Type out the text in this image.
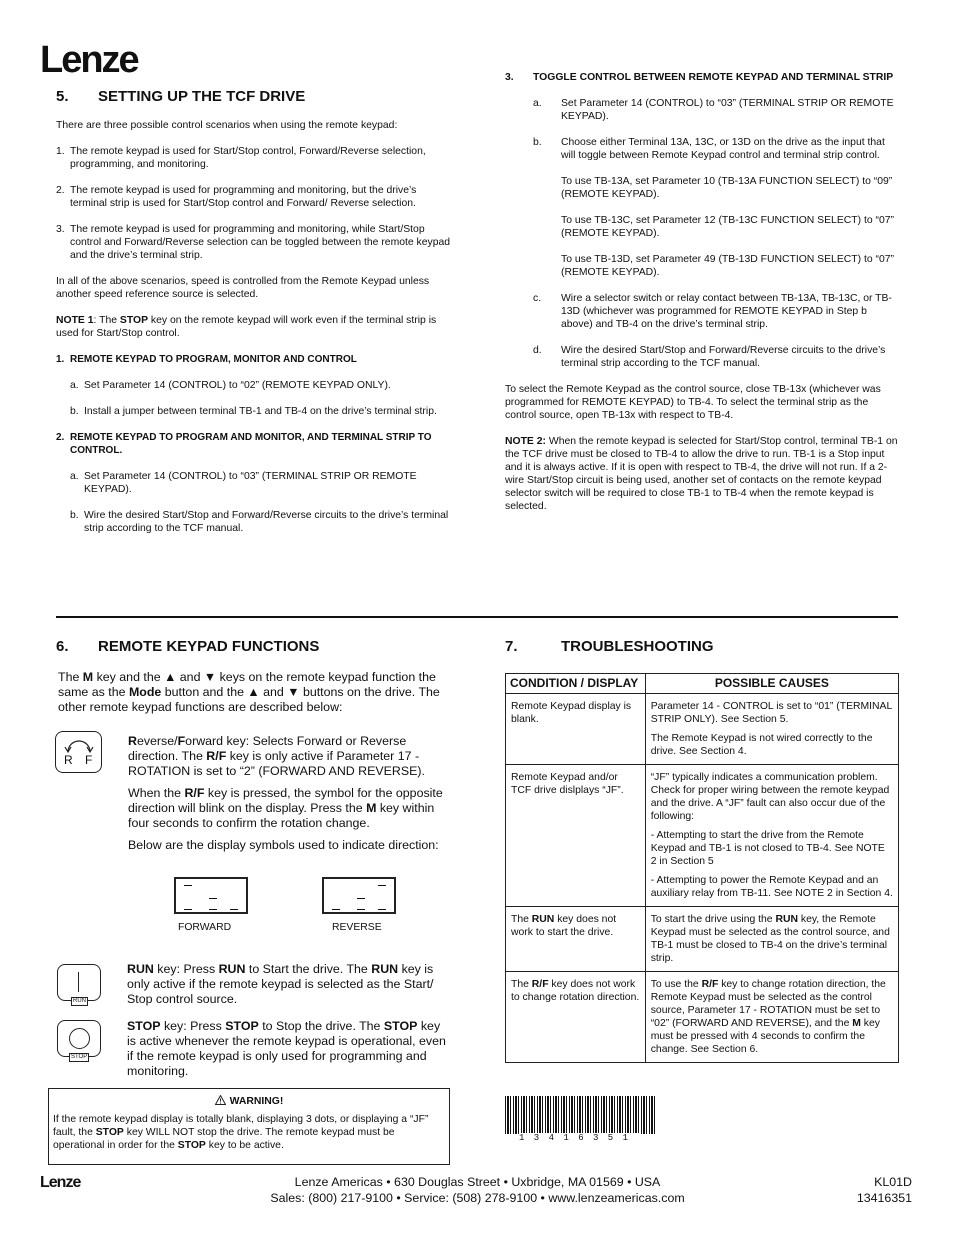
Lenze
5. SETTING UP THE TCF DRIVE

There are three possible control scenarios when using the remote keypad:

1. The remote keypad is used for Start/Stop control, Forward/Reverse selection, programming, and monitoring.
2. The remote keypad is used for programming and monitoring, but the drive’s terminal strip is used for Start/Stop control and Forward/ Reverse selection.
3. The remote keypad is used for programming and monitoring, while Start/Stop control and Forward/Reverse selection can be toggled between the remote keypad and the drive’s terminal strip.

In all of the above scenarios, speed is controlled from the Remote Keypad unless another speed reference source is selected.

NOTE 1: The STOP key on the remote keypad will work even if the terminal strip is used for Start/Stop control.

1. REMOTE KEYPAD TO PROGRAM, MONITOR AND CONTROL
a. Set Parameter 14 (CONTROL) to “02” (REMOTE KEYPAD ONLY).
b. Install a jumper between terminal TB-1 and TB-4 on the drive’s terminal strip.
2. REMOTE KEYPAD TO PROGRAM AND MONITOR, AND TERMINAL STRIP TO CONTROL.
a. Set Parameter 14 (CONTROL) to “03” (TERMINAL STRIP OR REMOTE KEYPAD).
b. Wire the desired Start/Stop and Forward/Reverse circuits to the drive’s terminal strip according to the TCF manual.
3. TOGGLE CONTROL BETWEEN REMOTE KEYPAD AND TERMINAL STRIP
a. Set Parameter 14 (CONTROL) to “03” (TERMINAL STRIP OR REMOTE KEYPAD).
b. Choose either Terminal 13A, 13C, or 13D on the drive as the input that will toggle between Remote Keypad control and terminal strip control.

To use TB-13A, set Parameter 10 (TB-13A FUNCTION SELECT) to “09” (REMOTE KEYPAD).

To use TB-13C, set Parameter 12 (TB-13C FUNCTION SELECT) to “07” (REMOTE KEYPAD).

To use TB-13D, set Parameter 49 (TB-13D FUNCTION SELECT) to “07” (REMOTE KEYPAD).

c. Wire a selector switch or relay contact between TB-13A, TB-13C, or TB-13D (whichever was programmed for REMOTE KEYPAD in Step b above) and TB-4 on the drive’s terminal strip.
d. Wire the desired Start/Stop and Forward/Reverse circuits to the drive’s terminal strip according to the TCF manual.

To select the Remote Keypad as the control source, close TB-13x (whichever was programmed for REMOTE KEYPAD) to TB-4. To select the terminal strip as the control source, open TB-13x with respect to TB-4.

NOTE 2: When the remote keypad is selected for Start/Stop control, terminal TB-1 on the TCF drive must be closed to TB-4 to allow the drive to run. TB-1 is a Stop input and it is always active. If it is open with respect to TB-4, the drive will not run. If a 2-wire Start/Stop circuit is being used, another set of contacts on the remote keypad selector switch will be required to close TB-1 to TB-4 when the remote keypad is selected.

6. REMOTE KEYPAD FUNCTIONS
The M key and the ▲ and ▼ keys on the remote keypad function the same as the Mode button and the ▲ and ▼ buttons on the drive. The other remote keypad functions are described below:
R F

Reverse/Forward key: Selects Forward or Reverse direction. The R/F key is only active if Parameter 17 - ROTATION is set to “2” (FORWARD AND REVERSE).

When the R/F key is pressed, the symbol for the opposite direction will blink on the display. Press the M key within four seconds to confirm the rotation change.

Below are the display symbols used to indicate direction:

FORWARD	REVERSE
RUN
RUN key: Press RUN to Start the drive. The RUN key is only active if the remote keypad is selected as the Start/ Stop control source.
STOP
STOP key: Press STOP to Stop the drive. The STOP key is active whenever the remote keypad is operational, even if the remote keypad is only used for programming and monitoring.
WARNING!
If the remote keypad display is totally blank, displaying 3 dots, or displaying a “JF” fault, the STOP key WILL NOT stop the drive. The remote keypad must be operational in order for the STOP key to be active.
7.	TROUBLESHOOTING
CONDITION / DISPLAY	POSSIBLE CAUSES
Remote Keypad display is blank.	Parameter 14 - CONTROL is set to “01” (TERMINAL STRIP ONLY). See Section 5.

The Remote Keypad is not wired correctly to the drive. See Section 4.

Remote Keypad and/or TCF drive dislplays “JF”.	“JF” typically indicates a communication problem. Check for proper wiring between the remote keypad and the drive. A “JF” fault can also occur due of the following:

- Attempting to start the drive from the Remote Keypad and TB-1 is not closed to TB-4. See NOTE 2 in Section 5

- Attempting to power the Remote Keypad and an auxiliary relay from TB-11. See NOTE 2 in Section 4.

The RUN key does not work to start the drive.	To start the drive using the RUN key, the Remote Keypad must be selected as the control source, and TB-1 must be closed to TB-4 on the drive’s terminal strip.
The R/F key does not work to change rotation direction.	To use the R/F key to change rotation direction, the Remote Keypad must be selected as the control source, Parameter 17 - ROTATION must be set to “02” (FORWARD AND REVERSE), and the M key must be pressed with 4 seconds to confirm the change. See Section 6.
1 3 4 1 6 3 5 1
Lenze	Lenze Americas • 630 Douglas Street • Uxbridge, MA 01569 • USA
Sales: (800) 217-9100 • Service: (508) 278-9100 • www.lenzeamericas.com
KL01D
13416351
